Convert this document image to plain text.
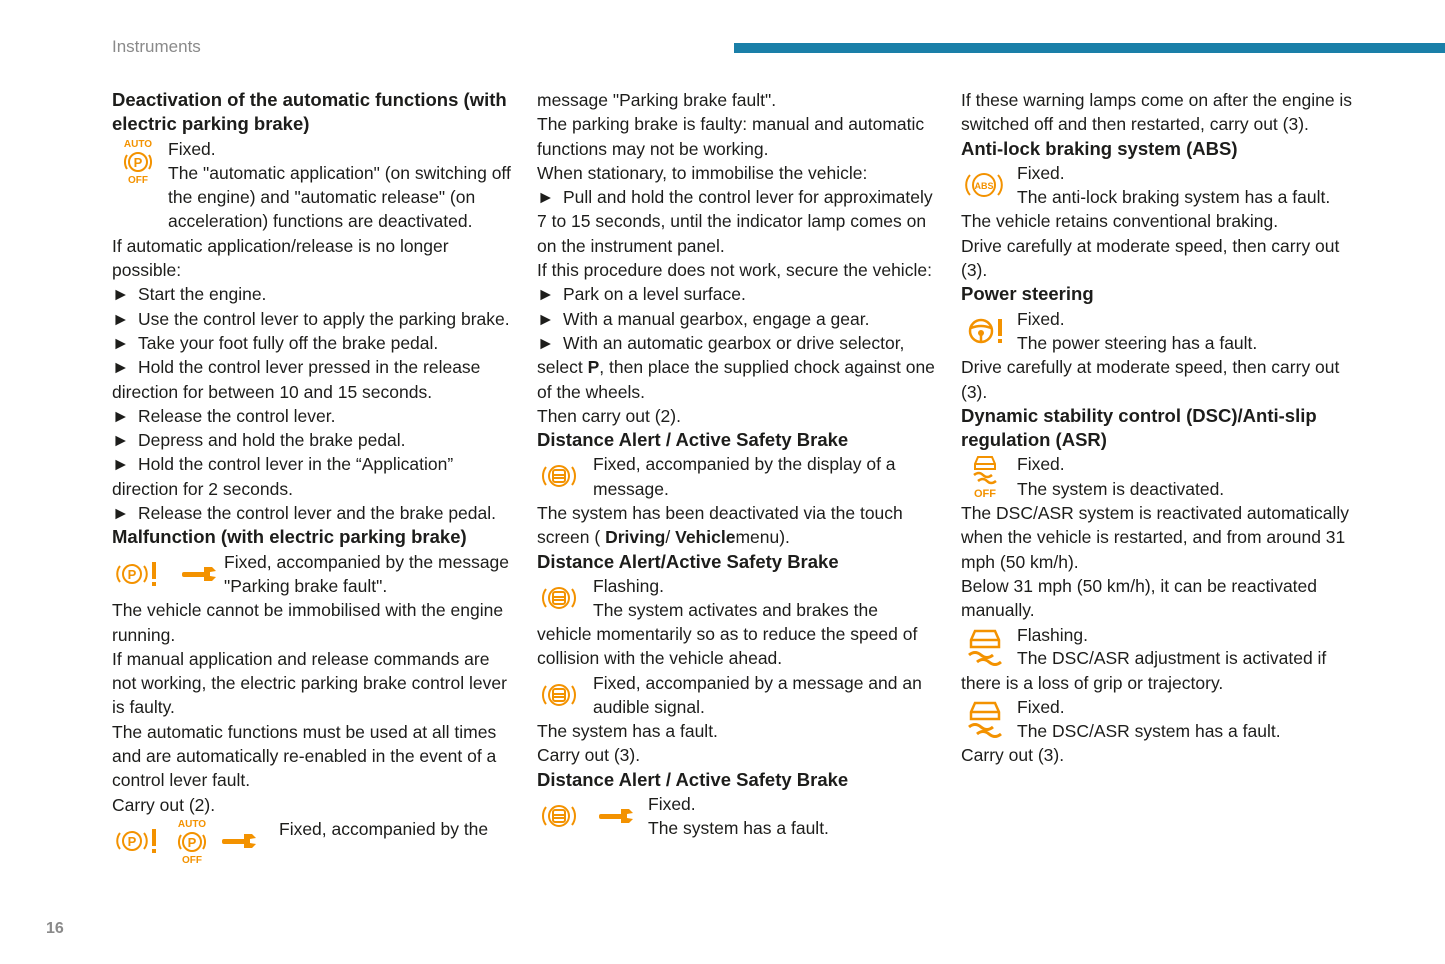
Instruments
16

Deactivation of the automatic functions (with electric parking brake)

AUTO
P
OFF

Fixed.

The "automatic application" (on switching off the engine) and "automatic release" (on acceleration) functions are deactivated.

If automatic application/release is no longer possible:

► Start the engine.

► Use the control lever to apply the parking brake.

► Take your foot fully off the brake pedal.

► Hold the control lever pressed in the release direction for between 10 and 15 seconds.

► Release the control lever.

► Depress and hold the brake pedal.

► Hold the control lever in the “Application” direction for 2 seconds.

► Release the control lever and the brake pedal.

Malfunction (with electric parking brake)

P
Fixed, accompanied by the message "Parking brake fault".

The vehicle cannot be immobilised with the engine running.

If manual application and release commands are not working, the electric parking brake control lever is faulty.

The automatic functions must be used at all times and are automatically re-enabled in the event of a control lever fault.

Carry out (2).

P
AUTO
P
OFF
Fixed, accompanied by the

message "Parking brake fault".

The parking brake is faulty: manual and automatic functions may not be working.

When stationary, to immobilise the vehicle:

► Pull and hold the control lever for approximately 7 to 15 seconds, until the indicator lamp comes on on the instrument panel.

If this procedure does not work, secure the vehicle:

► Park on a level surface.

► With a manual gearbox, engage a gear.

► With an automatic gearbox or drive selector, select P, then place the supplied chock against one of the wheels.

Then carry out (2).

Distance Alert / Active Safety Brake

Fixed, accompanied by the display of a message.

The system has been deactivated via the touch screen ( Driving/ Vehiclemenu).

Distance Alert/Active Safety Brake

Flashing.

The system activates and brakes the vehicle momentarily so as to reduce the speed of collision with the vehicle ahead.

Fixed, accompanied by a message and an audible signal.

The system has a fault.

Carry out (3).

Distance Alert / Active Safety Brake

Fixed.

The system has a fault.

If these warning lamps come on after the engine is switched off and then restarted, carry out (3).

Anti-lock braking system (ABS)

ABS

Fixed.

The anti-lock braking system has a fault.

The vehicle retains conventional braking.

Drive carefully at moderate speed, then carry out (3).

Power steering

Fixed.

The power steering has a fault.

Drive carefully at moderate speed, then carry out (3).

Dynamic stability control (DSC)/Anti-slip regulation (ASR)

OFF

Fixed.

The system is deactivated.

The DSC/ASR system is reactivated automatically when the vehicle is restarted, and from around 31 mph (50 km/h).

Below 31 mph (50 km/h), it can be reactivated manually.

Flashing.

The DSC/ASR adjustment is activated if there is a loss of grip or trajectory.

Fixed.

The DSC/ASR system has a fault.

Carry out (3).
